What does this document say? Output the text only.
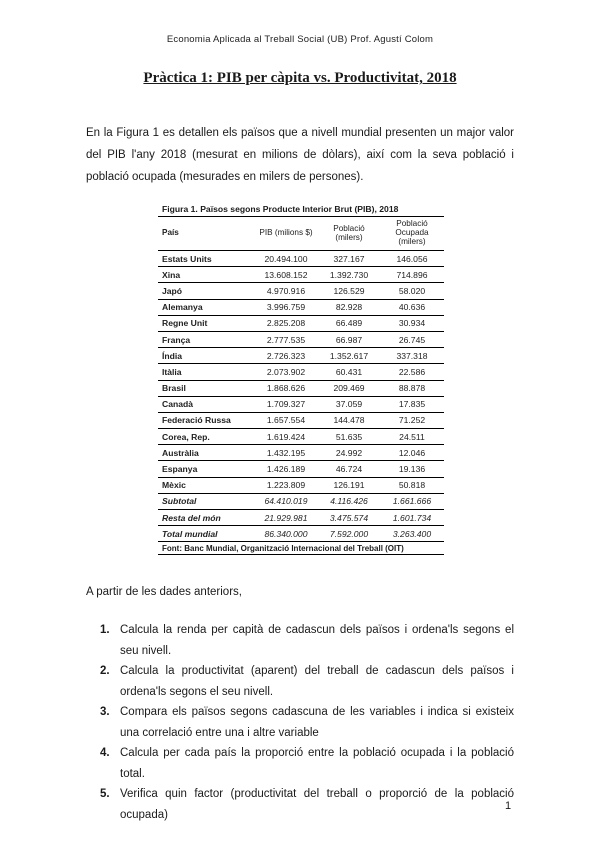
Economia Aplicada al Treball Social (UB) Prof. Agustí Colom
Pràctica 1: PIB per càpita vs. Productivitat, 2018
En la Figura 1 es detallen els països que a nivell mundial presenten un major valor del PIB l'any 2018 (mesurat en milions de dòlars), així com la seva població i població ocupada (mesurades en milers de persones).
Figura 1. Països segons Producte Interior Brut (PIB), 2018
País	PIB (milions $)	Població (milers)	Població Ocupada (milers)
Estats Units	20.494.100	327.167	146.056
Xina	13.608.152	1.392.730	714.896
Japó	4.970.916	126.529	58.020
Alemanya	3.996.759	82.928	40.636
Regne Unit	2.825.208	66.489	30.934
França	2.777.535	66.987	26.745
Índia	2.726.323	1.352.617	337.318
Itàlia	2.073.902	60.431	22.586
Brasil	1.868.626	209.469	88.878
Canadà	1.709.327	37.059	17.835
Federació Russa	1.657.554	144.478	71.252
Corea, Rep.	1.619.424	51.635	24.511
Austràlia	1.432.195	24.992	12.046
Espanya	1.426.189	46.724	19.136
Mèxic	1.223.809	126.191	50.818
Subtotal	64.410.019	4.116.426	1.661.666
Resta del món	21.929.981	3.475.574	1.601.734
Total mundial	86.340.000	7.592.000	3.263.400
Font: Banc Mundial, Organització Internacional del Treball (OIT)
A partir de les dades anteriors,
1. Calcula la renda per capità de cadascun dels països i ordena'ls segons el seu nivell.
2. Calcula la productivitat (aparent) del treball de cadascun dels països i ordena'ls segons el seu nivell.
3. Compara els països segons cadascuna de les variables i indica si existeix una correlació entre una i altre variable
4. Calcula per cada país la proporció entre la població ocupada i la població total.
5. Verifica quin factor (productivitat del treball o proporció de la població ocupada)
1
